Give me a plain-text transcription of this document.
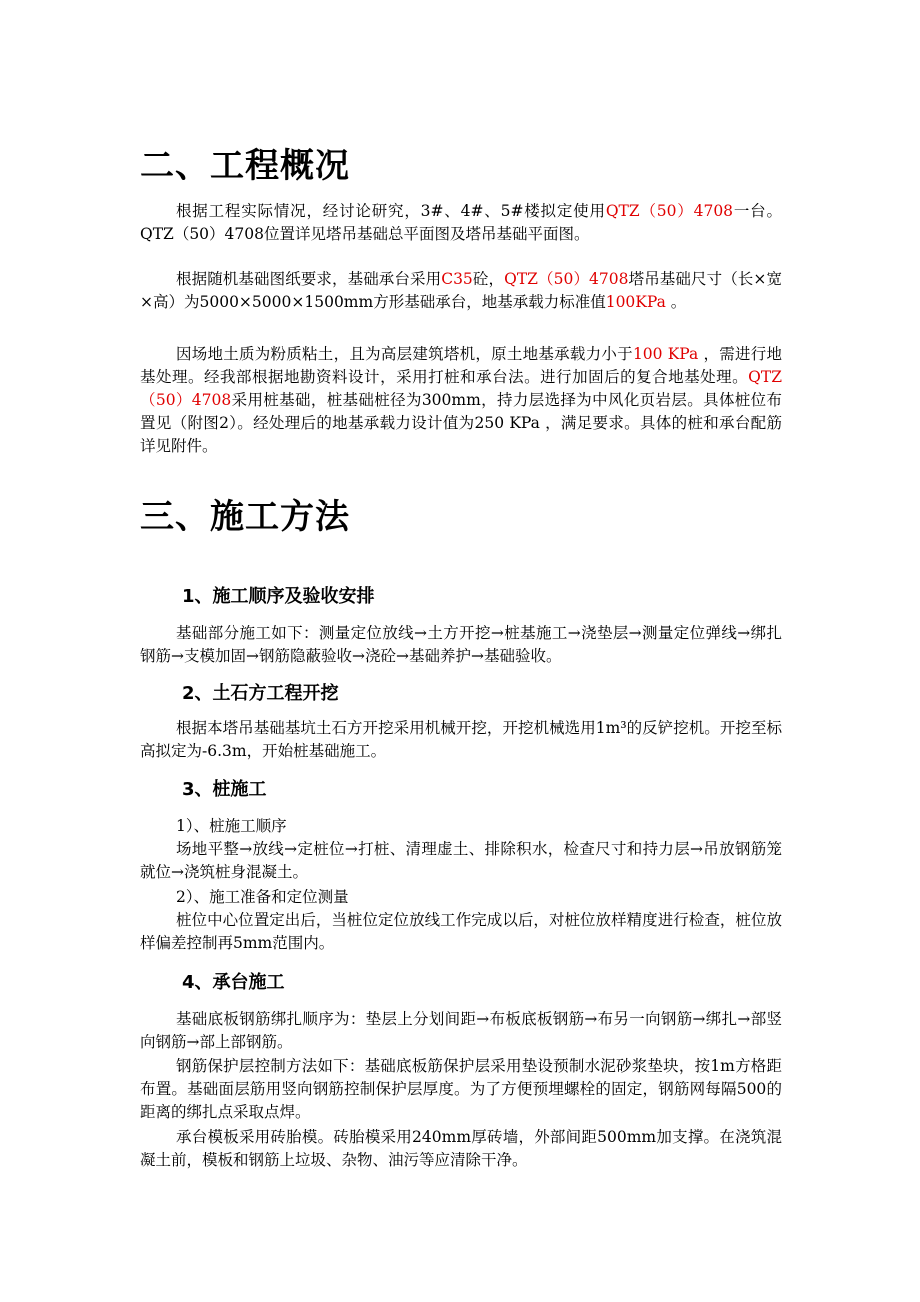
二、工程概况

根据工程实际情况，经讨论研究，3#、4#、5#楼拟定使用QTZ（50）4708一台。QTZ（50）4708位置详见塔吊基础总平面图及塔吊基础平面图。

根据随机基础图纸要求，基础承台采用C35砼，QTZ（50）4708塔吊基础尺寸（长×宽×高）为5000×5000×1500mm方形基础承台，地基承载力标准值100KPa 。

因场地土质为粉质粘土，且为高层建筑塔机，原土地基承载力小于100 KPa ，需进行地基处理。经我部根据地勘资料设计，采用打桩和承台法。进行加固后的复合地基处理。QTZ（50）4708采用桩基础，桩基础桩径为300mm，持力层选择为中风化页岩层。具体桩位布置见（附图2）。经处理后的地基承载力设计值为250 KPa ，满足要求。具体的桩和承台配筋详见附件。

三、施工方法
1、施工顺序及验收安排

基础部分施工如下：测量定位放线→土方开挖→桩基施工→浇垫层→测量定位弹线→绑扎钢筋→支模加固→钢筋隐蔽验收→浇砼→基础养护→基础验收。

2、土石方工程开挖

根据本塔吊基础基坑土石方开挖采用机械开挖，开挖机械选用1m³的反铲挖机。开挖至标高拟定为-6.3m，开始桩基础施工。

3、桩施工
1）、桩施工顺序

场地平整→放线→定桩位→打桩、清理虚土、排除积水，检查尺寸和持力层→吊放钢筋笼就位→浇筑桩身混凝土。

2）、施工准备和定位测量

桩位中心位置定出后，当桩位定位放线工作完成以后，对桩位放样精度进行检查，桩位放样偏差控制再5mm范围内。

4、承台施工

基础底板钢筋绑扎顺序为：垫层上分划间距→布板底板钢筋→布另一向钢筋→绑扎→部竖向钢筋→部上部钢筋。

钢筋保护层控制方法如下：基础底板筋保护层采用垫设预制水泥砂浆垫块，按1m方格距布置。基础面层筋用竖向钢筋控制保护层厚度。为了方便预埋螺栓的固定，钢筋网每隔500的距离的绑扎点采取点焊。

承台模板采用砖胎模。砖胎模采用240mm厚砖墙，外部间距500mm加支撑。在浇筑混凝土前，模板和钢筋上垃圾、杂物、油污等应清除干净。
